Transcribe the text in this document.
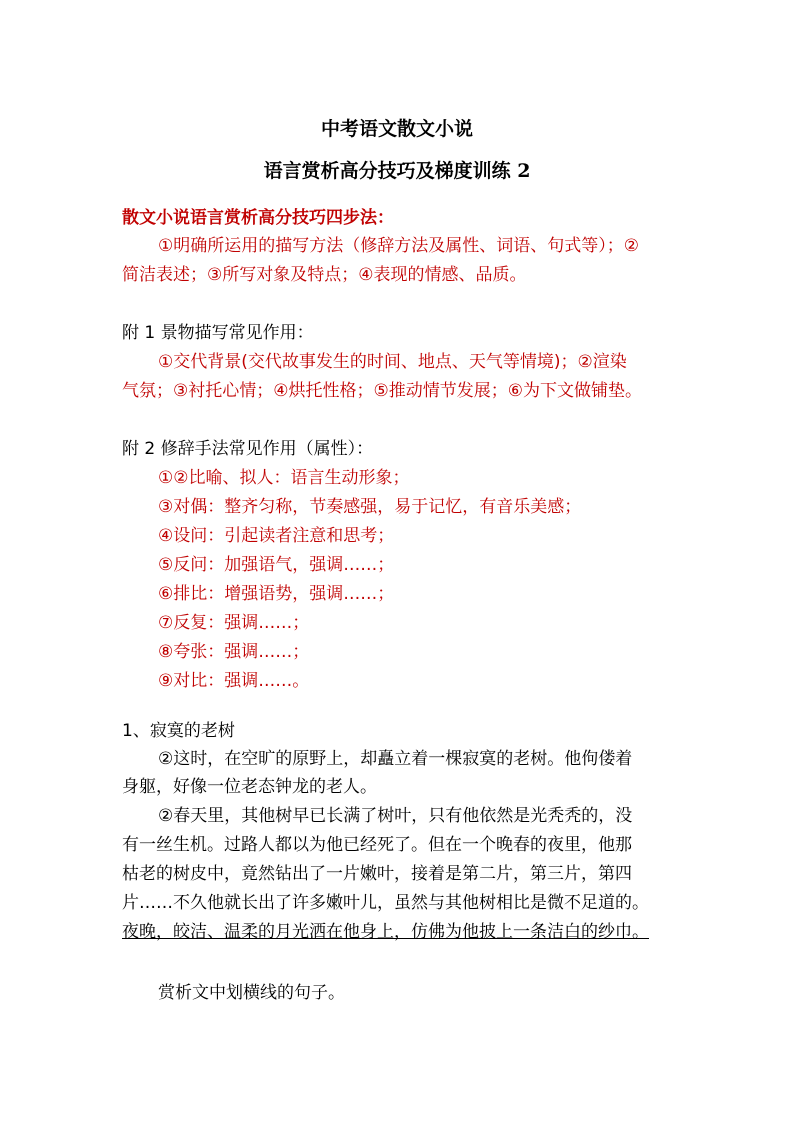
中考语文散文小说
语言赏析高分技巧及梯度训练 2
散文小说语言赏析高分技巧四步法：
①明确所运用的描写方法（修辞方法及属性、词语、句式等）；②
简洁表述；③所写对象及特点；④表现的情感、品质。
附 1 景物描写常见作用：
①交代背景(交代故事发生的时间、地点、天气等情境)；②渲染
气氛；③衬托心情；④烘托性格；⑤推动情节发展；⑥为下文做铺垫。
附 2 修辞手法常见作用（属性）：
①②比喻、拟人：语言生动形象；
③对偶：整齐匀称，节奏感强，易于记忆，有音乐美感；
④设问：引起读者注意和思考；
⑤反问：加强语气，强调……；
⑥排比：增强语势，强调……；
⑦反复：强调……；
⑧夸张：强调……；
⑨对比：强调……。
1、寂寞的老树
②这时，在空旷的原野上，却矗立着一棵寂寞的老树。他佝偻着
身躯，好像一位老态钟龙的老人。
②春天里，其他树早已长满了树叶，只有他依然是光秃秃的，没
有一丝生机。过路人都以为他已经死了。但在一个晚春的夜里，他那
枯老的树皮中，竟然钻出了一片嫩叶，接着是第二片，第三片，第四
片……不久他就长出了许多嫩叶儿，虽然与其他树相比是微不足道的。
夜晚，皎洁、温柔的月光洒在他身上，仿佛为他披上一条洁白的纱巾。
赏析文中划横线的句子。
